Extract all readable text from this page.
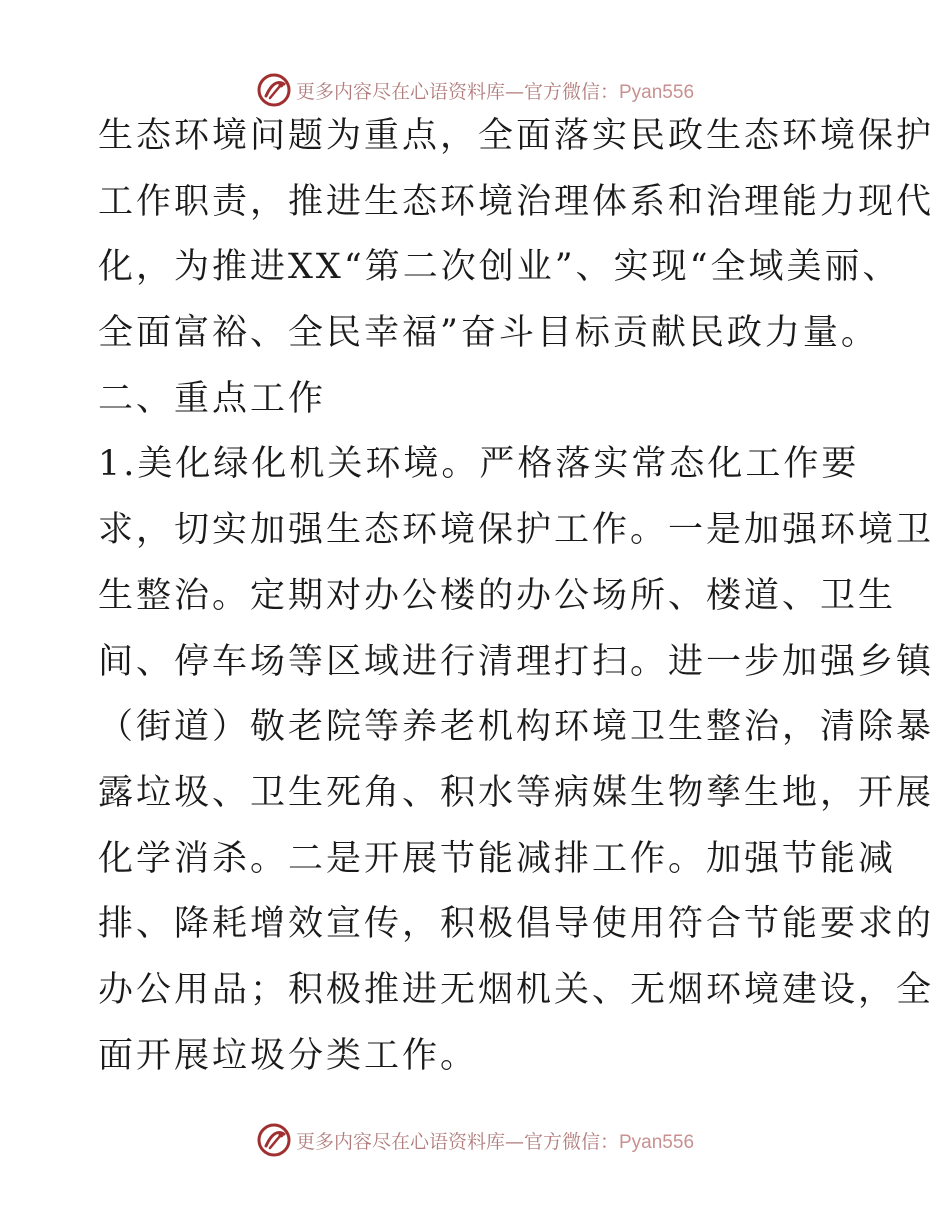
更多内容尽在心语资料库—官方微信：Pyan556
生态环境问题为重点，全面落实民政生态环境保护
工作职责，推进生态环境治理体系和治理能力现代
化，为推进XX“第二次创业”、实现“全域美丽、
全面富裕、全民幸福”奋斗目标贡献民政力量。
二、重点工作
1.美化绿化机关环境。严格落实常态化工作要
求，切实加强生态环境保护工作。一是加强环境卫
生整治。定期对办公楼的办公场所、楼道、卫生
间、停车场等区域进行清理打扫。进一步加强乡镇
（街道）敬老院等养老机构环境卫生整治，清除暴
露垃圾、卫生死角、积水等病媒生物孳生地，开展
化学消杀。二是开展节能减排工作。加强节能减
排、降耗增效宣传，积极倡导使用符合节能要求的
办公用品；积极推进无烟机关、无烟环境建设，全
面开展垃圾分类工作。
更多内容尽在心语资料库—官方微信：Pyan556
